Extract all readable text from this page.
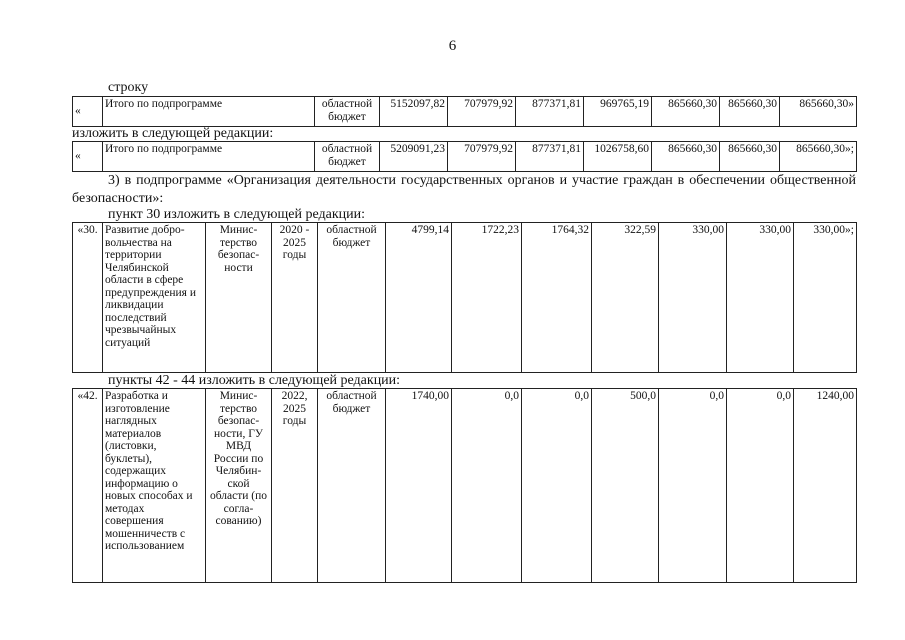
6
строку
«	Итого по подпрограмме	областной бюджет	5152097,82	707979,92	877371,81	969765,19	865660,30	865660,30	865660,30»
изложить в следующей редакции:
«	Итого по подпрограмме	областной бюджет	5209091,23	707979,92	877371,81	1026758,60	865660,30	865660,30	865660,30»;
3) в подпрограмме «Организация деятельности государственных органов и участие граждан в обеспечении общественной безопасности»:
пункт 30 изложить в следующей редакции:
«30.	Развитие добро-вольчества на территории Челябинской области в сфере предупреждения и ликвидации последствий чрезвычайных ситуаций	Минис-терство безопас-ности	2020 - 2025 годы	областной бюджет	4799,14	1722,23	1764,32	322,59	330,00	330,00	330,00»;
пункты 42 - 44 изложить в следующей редакции:
«42.	Разработка и изготовление наглядных материалов (листовки, буклеты), содержащих информацию о новых способах и методах совершения мошенничеств с использованием	Минис-терство безопас-ности, ГУ МВД России по Челябин-ской области (по согла-сованию)	2022, 2025 годы	областной бюджет	1740,00	0,0	0,0	500,0	0,0	0,0	1240,00
